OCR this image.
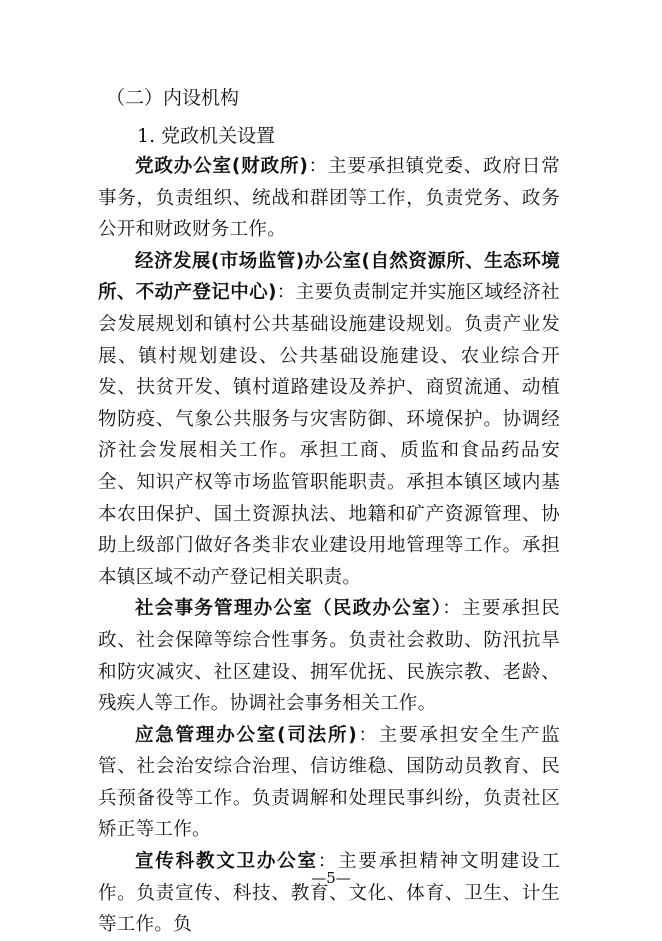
（二）内设机构
1. 党政机关设置

党政办公室(财政所)：主要承担镇党委、政府日常事务，负责组织、统战和群团等工作，负责党务、政务公开和财政财务工作。

经济发展(市场监管)办公室(自然资源所、生态环境所、不动产登记中心)：主要负责制定并实施区域经济社会发展规划和镇村公共基础设施建设规划。负责产业发展、镇村规划建设、公共基础设施建设、农业综合开发、扶贫开发、镇村道路建设及养护、商贸流通、动植物防疫、气象公共服务与灾害防御、环境保护。协调经济社会发展相关工作。承担工商、质监和食品药品安全、知识产权等市场监管职能职责。承担本镇区域内基本农田保护、国土资源执法、地籍和矿产资源管理、协助上级部门做好各类非农业建设用地管理等工作。承担本镇区域不动产登记相关职责。

社会事务管理办公室（民政办公室）：主要承担民政、社会保障等综合性事务。负责社会救助、防汛抗旱和防灾减灾、社区建设、拥军优抚、民族宗教、老龄、残疾人等工作。协调社会事务相关工作。

应急管理办公室(司法所)：主要承担安全生产监管、社会治安综合治理、信访维稳、国防动员教育、民兵预备役等工作。负责调解和处理民事纠纷，负责社区矫正等工作。

宣传科教文卫办公室：主要承担精神文明建设工作。负责宣传、科技、教育、文化、体育、卫生、计生等工作。负

—5—
